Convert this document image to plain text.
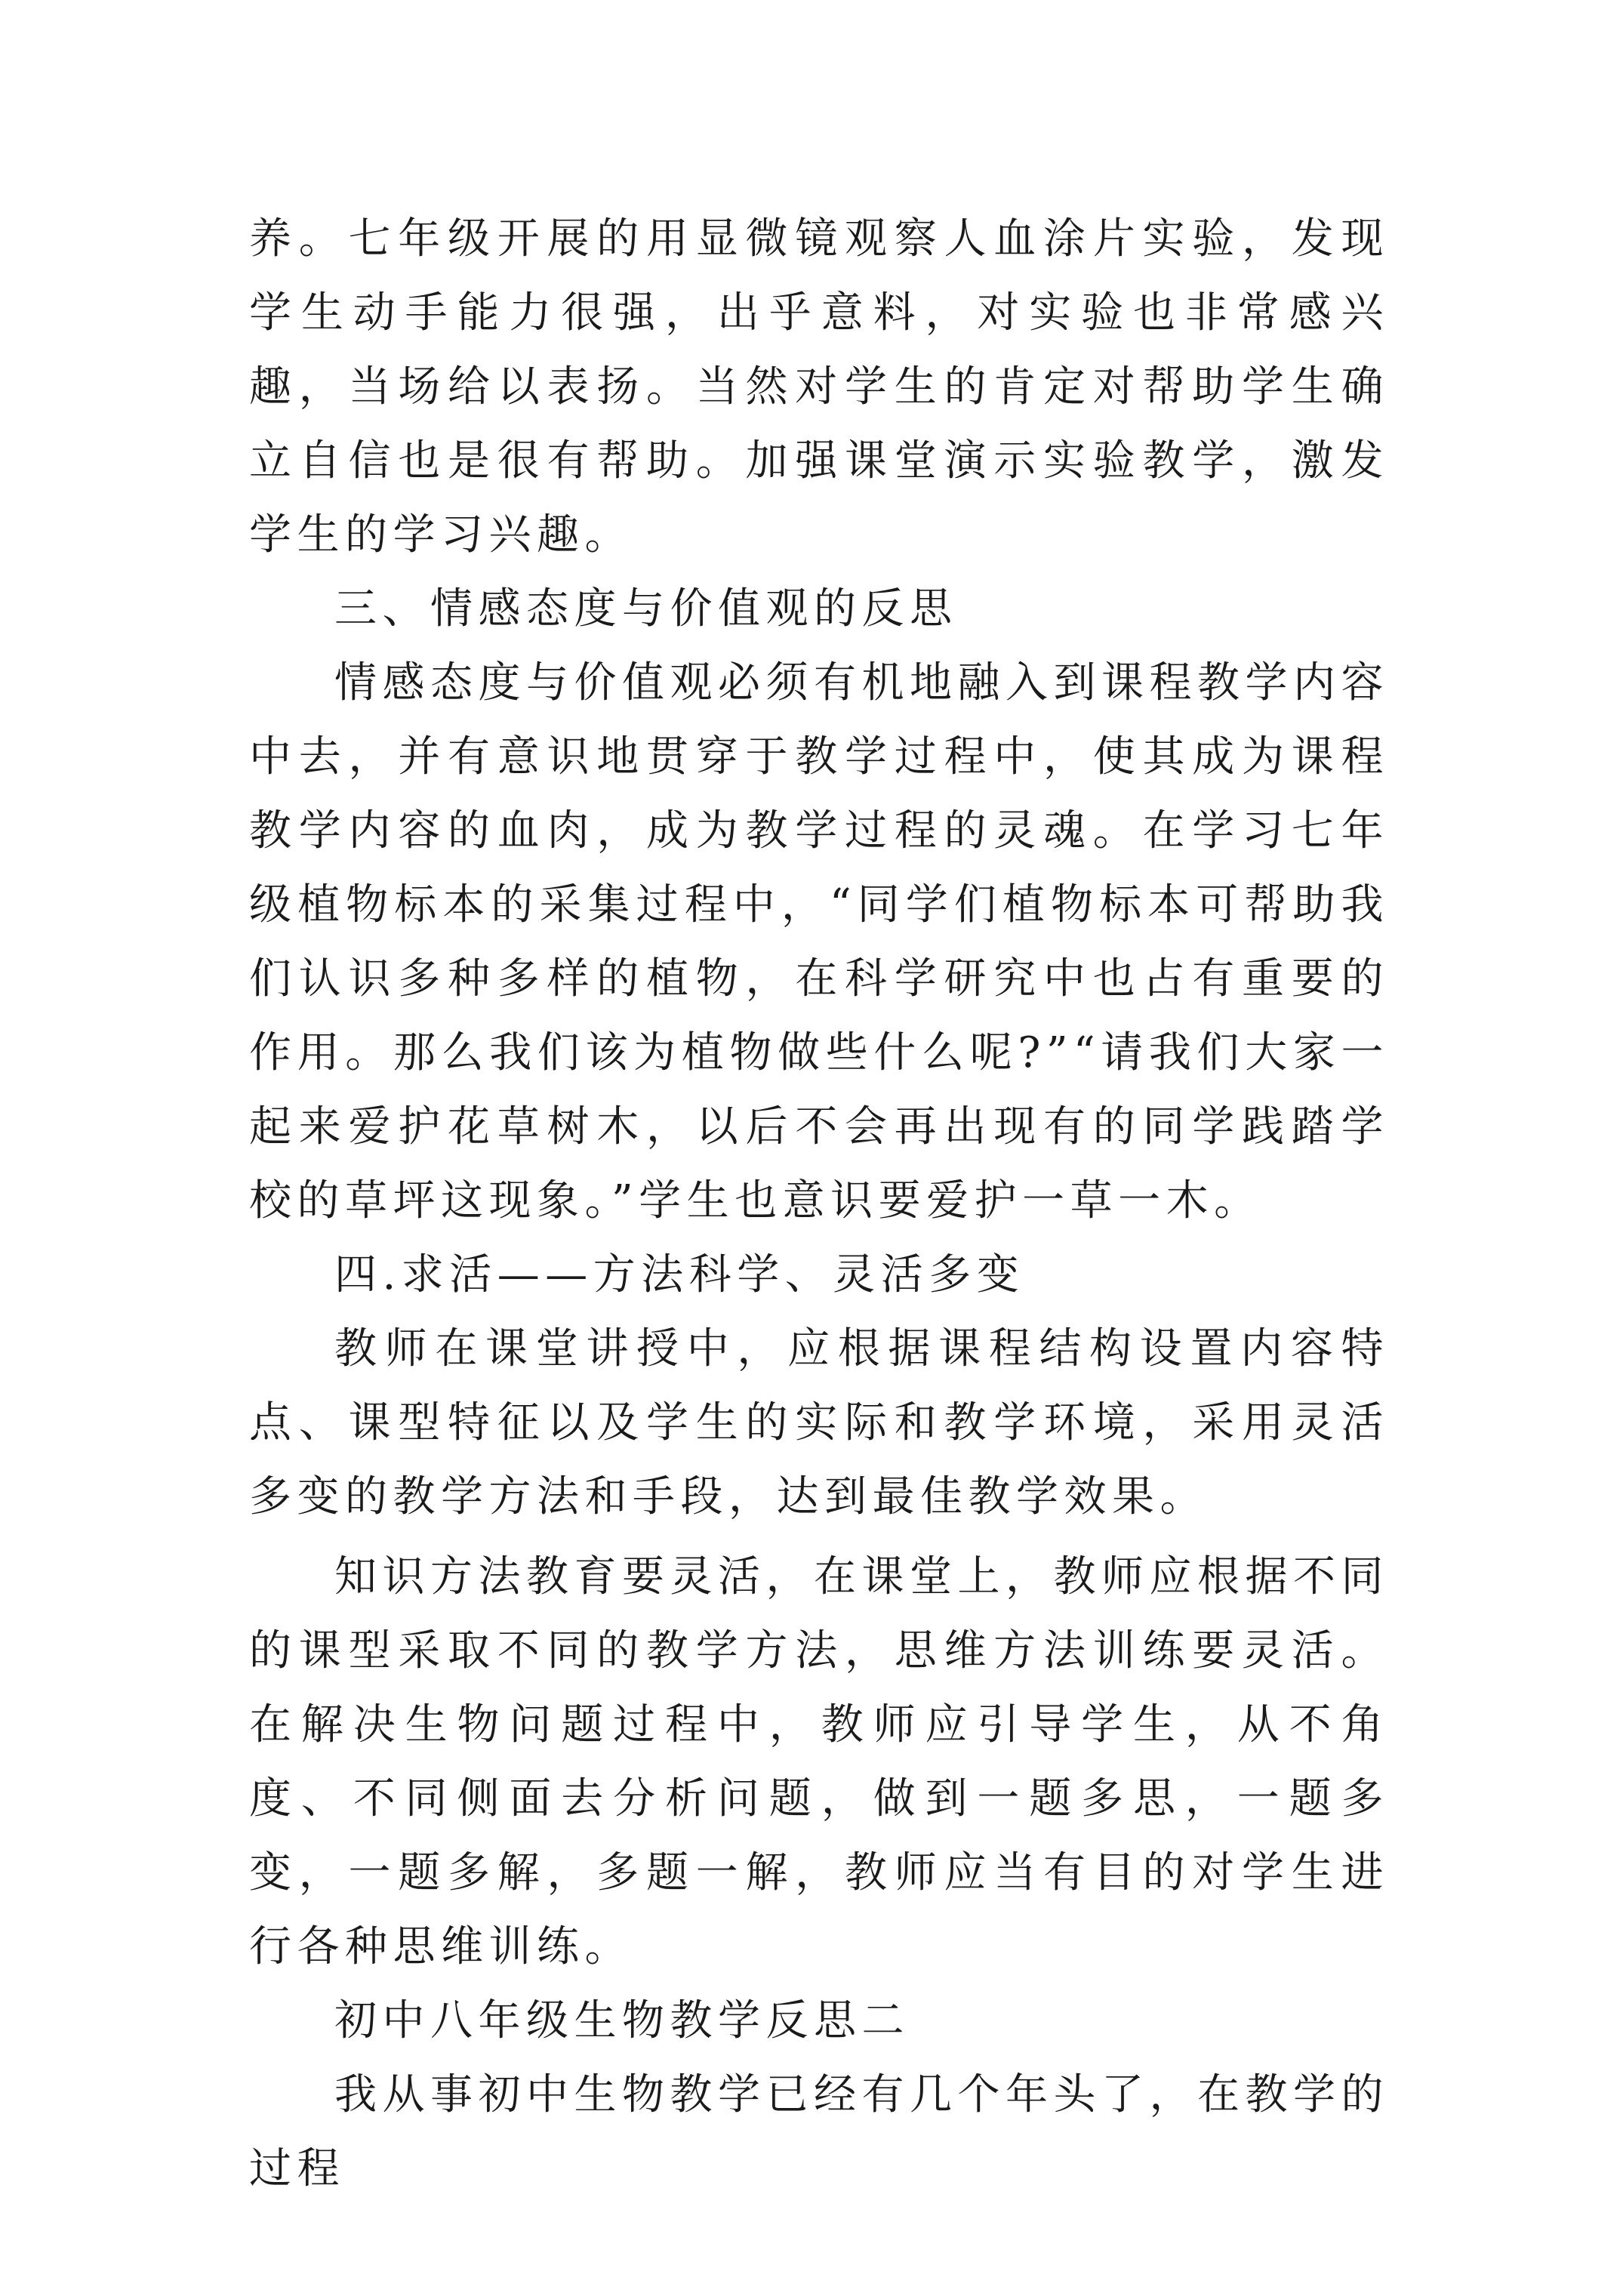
养。七年级开展的用显微镜观察人血涂片实验，发现学生动手能力很强，出乎意料，对实验也非常感兴趣，当场给以表扬。当然对学生的肯定对帮助学生确立自信也是很有帮助。加强课堂演示实验教学，激发学生的学习兴趣。

三、情感态度与价值观的反思

情感态度与价值观必须有机地融入到课程教学内容中去，并有意识地贯穿于教学过程中，使其成为课程教学内容的血肉，成为教学过程的灵魂。在学习七年级植物标本的采集过程中，“同学们植物标本可帮助我们认识多种多样的植物，在科学研究中也占有重要的作用。那么我们该为植物做些什么呢?”“请我们大家一起来爱护花草树木，以后不会再出现有的同学践踏学校的草坪这现象。”学生也意识要爱护一草一木。

四.求活——方法科学、灵活多变

教师在课堂讲授中，应根据课程结构设置内容特点、课型特征以及学生的实际和教学环境，采用灵活多变的教学方法和手段，达到最佳教学效果。

知识方法教育要灵活，在课堂上，教师应根据不同的课型采取不同的教学方法，思维方法训练要灵活。在解决生物问题过程中，教师应引导学生，从不角度、不同侧面去分析问题，做到一题多思，一题多变，一题多解，多题一解，教师应当有目的对学生进行各种思维训练。

初中八年级生物教学反思二

我从事初中生物教学已经有几个年头了，在教学的过程
